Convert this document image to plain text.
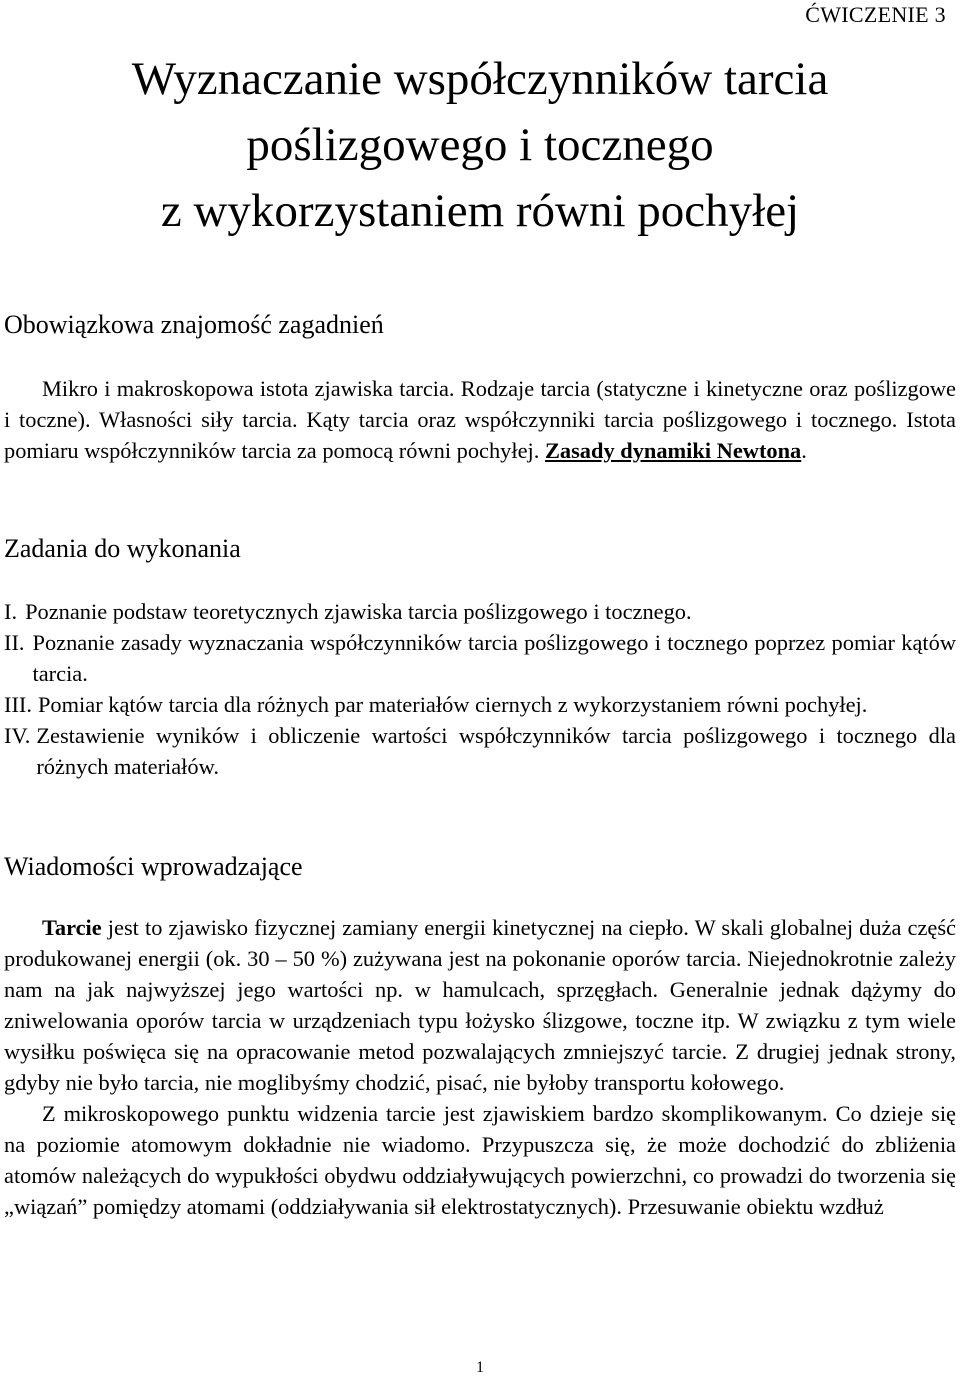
ĆWICZENIE 3
Wyznaczanie współczynników tarcia
poślizgowego i tocznego
z wykorzystaniem równi pochyłej
Obowiązkowa znajomość zagadnień
Mikro i makroskopowa istota zjawiska tarcia. Rodzaje tarcia (statyczne i kinetyczne oraz poślizgowe i toczne). Własności siły tarcia. Kąty tarcia oraz współczynniki tarcia poślizgowego i tocznego. Istota pomiaru współczynników tarcia za pomocą równi pochyłej. Zasady dynamiki Newtona.
Zadania do wykonania
I. Poznanie podstaw teoretycznych zjawiska tarcia poślizgowego i tocznego.
II. Poznanie zasady wyznaczania współczynników tarcia poślizgowego i tocznego poprzez pomiar kątów tarcia.
III. Pomiar kątów tarcia dla różnych par materiałów ciernych z wykorzystaniem równi pochyłej.
IV. Zestawienie wyników i obliczenie wartości współczynników tarcia poślizgowego i tocznego dla różnych materiałów.
Wiadomości wprowadzające
Tarcie jest to zjawisko fizycznej zamiany energii kinetycznej na ciepło. W skali globalnej duża część produkowanej energii (ok. 30 – 50 %) zużywana jest na pokonanie oporów tarcia. Niejednokrotnie zależy nam na jak najwyższej jego wartości np. w hamulcach, sprzęgłach. Generalnie jednak dążymy do zniwelowania oporów tarcia w urządzeniach typu łożysko ślizgowe, toczne itp. W związku z tym wiele wysiłku poświęca się na opracowanie metod pozwalających zmniejszyć tarcie. Z drugiej jednak strony, gdyby nie było tarcia, nie moglibyśmy chodzić, pisać, nie byłoby transportu kołowego.
Z mikroskopowego punktu widzenia tarcie jest zjawiskiem bardzo skomplikowanym. Co dzieje się na poziomie atomowym dokładnie nie wiadomo. Przypuszcza się, że może dochodzić do zbliżenia atomów należących do wypukłości obydwu oddziaływujących powierzchni, co prowadzi do tworzenia się „wiązań” pomiędzy atomami (oddziaływania sił elektrostatycznych). Przesuwanie obiektu wzdłuż
1
